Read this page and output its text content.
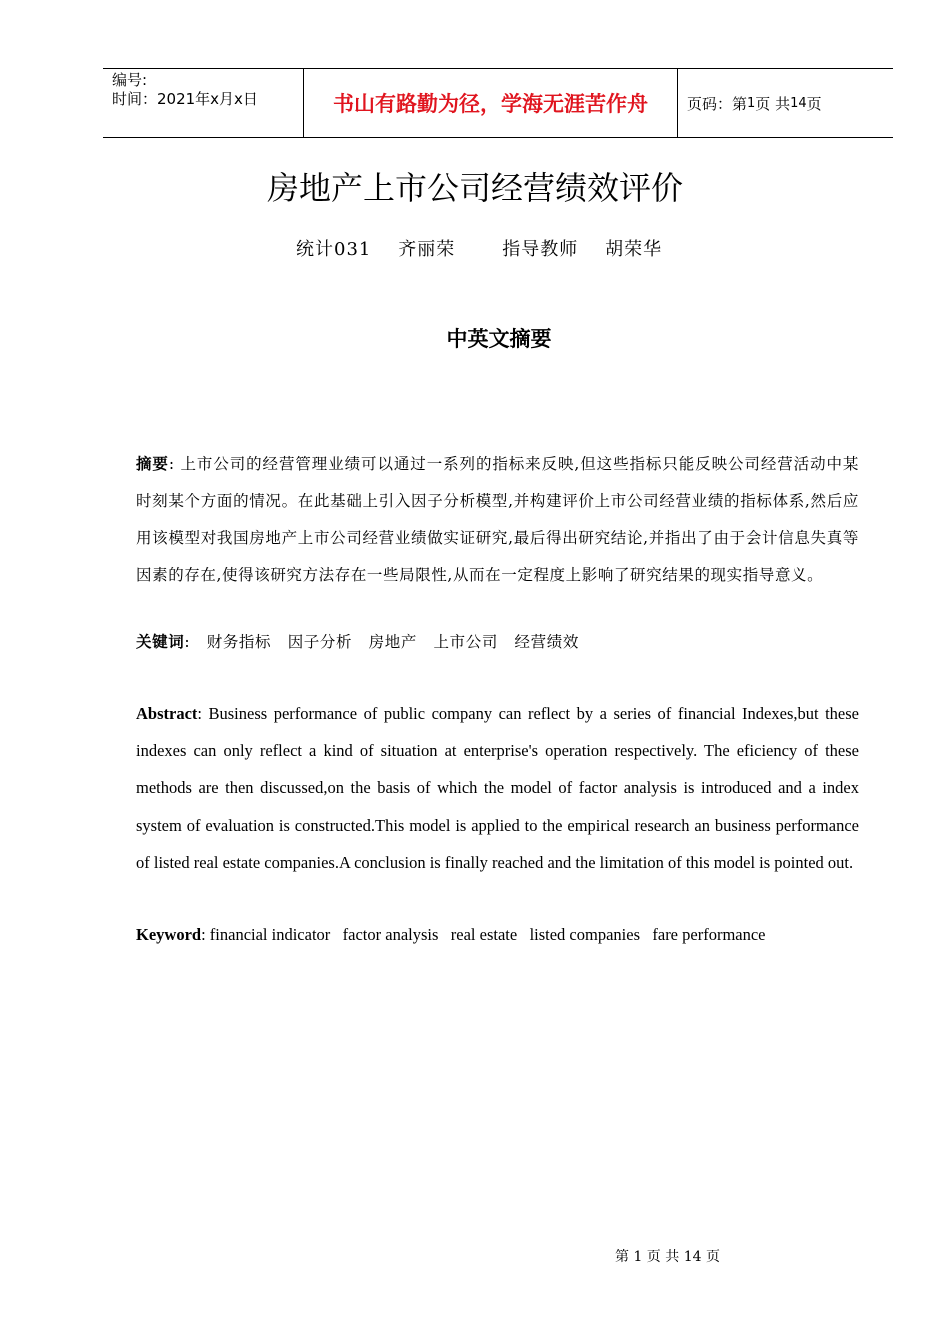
编号:
时间：2021年x月x日	书山有路勤为径，学海无涯苦作舟	页码：第 1 页 共 14 页
房地产上市公司经营绩效评价
统计031    齐丽荣       指导教师    胡荣华
中英文摘要
摘要: 上市公司的经营管理业绩可以通过一系列的指标来反映,但这些指标只能反映公司经营活动中某时刻某个方面的情况。在此基础上引入因子分析模型,并构建评价上市公司经营业绩的指标体系,然后应用该模型对我国房地产上市公司经营业绩做实证研究,最后得出研究结论,并指出了由于会计信息失真等因素的存在,使得该研究方法存在一些局限性,从而在一定程度上影响了研究结果的现实指导意义。
关键词:   财务指标   因子分析   房地产   上市公司   经营绩效
Abstract: Business performance of public company can reflect by a series of financial Indexes,but these indexes can only reflect a kind of situation at enterprise's operation respectively. The eficiency of these methods are then discussed,on the basis of which the model of factor analysis is introduced and a index system of evaluation is constructed.This model is applied to the empirical research an business performance of listed real estate companies.A conclusion is finally reached and the limitation of this model is pointed out.
Keyword: financial indicator   factor analysis   real estate   listed companies   fare performance
第 1 页 共 14 页
